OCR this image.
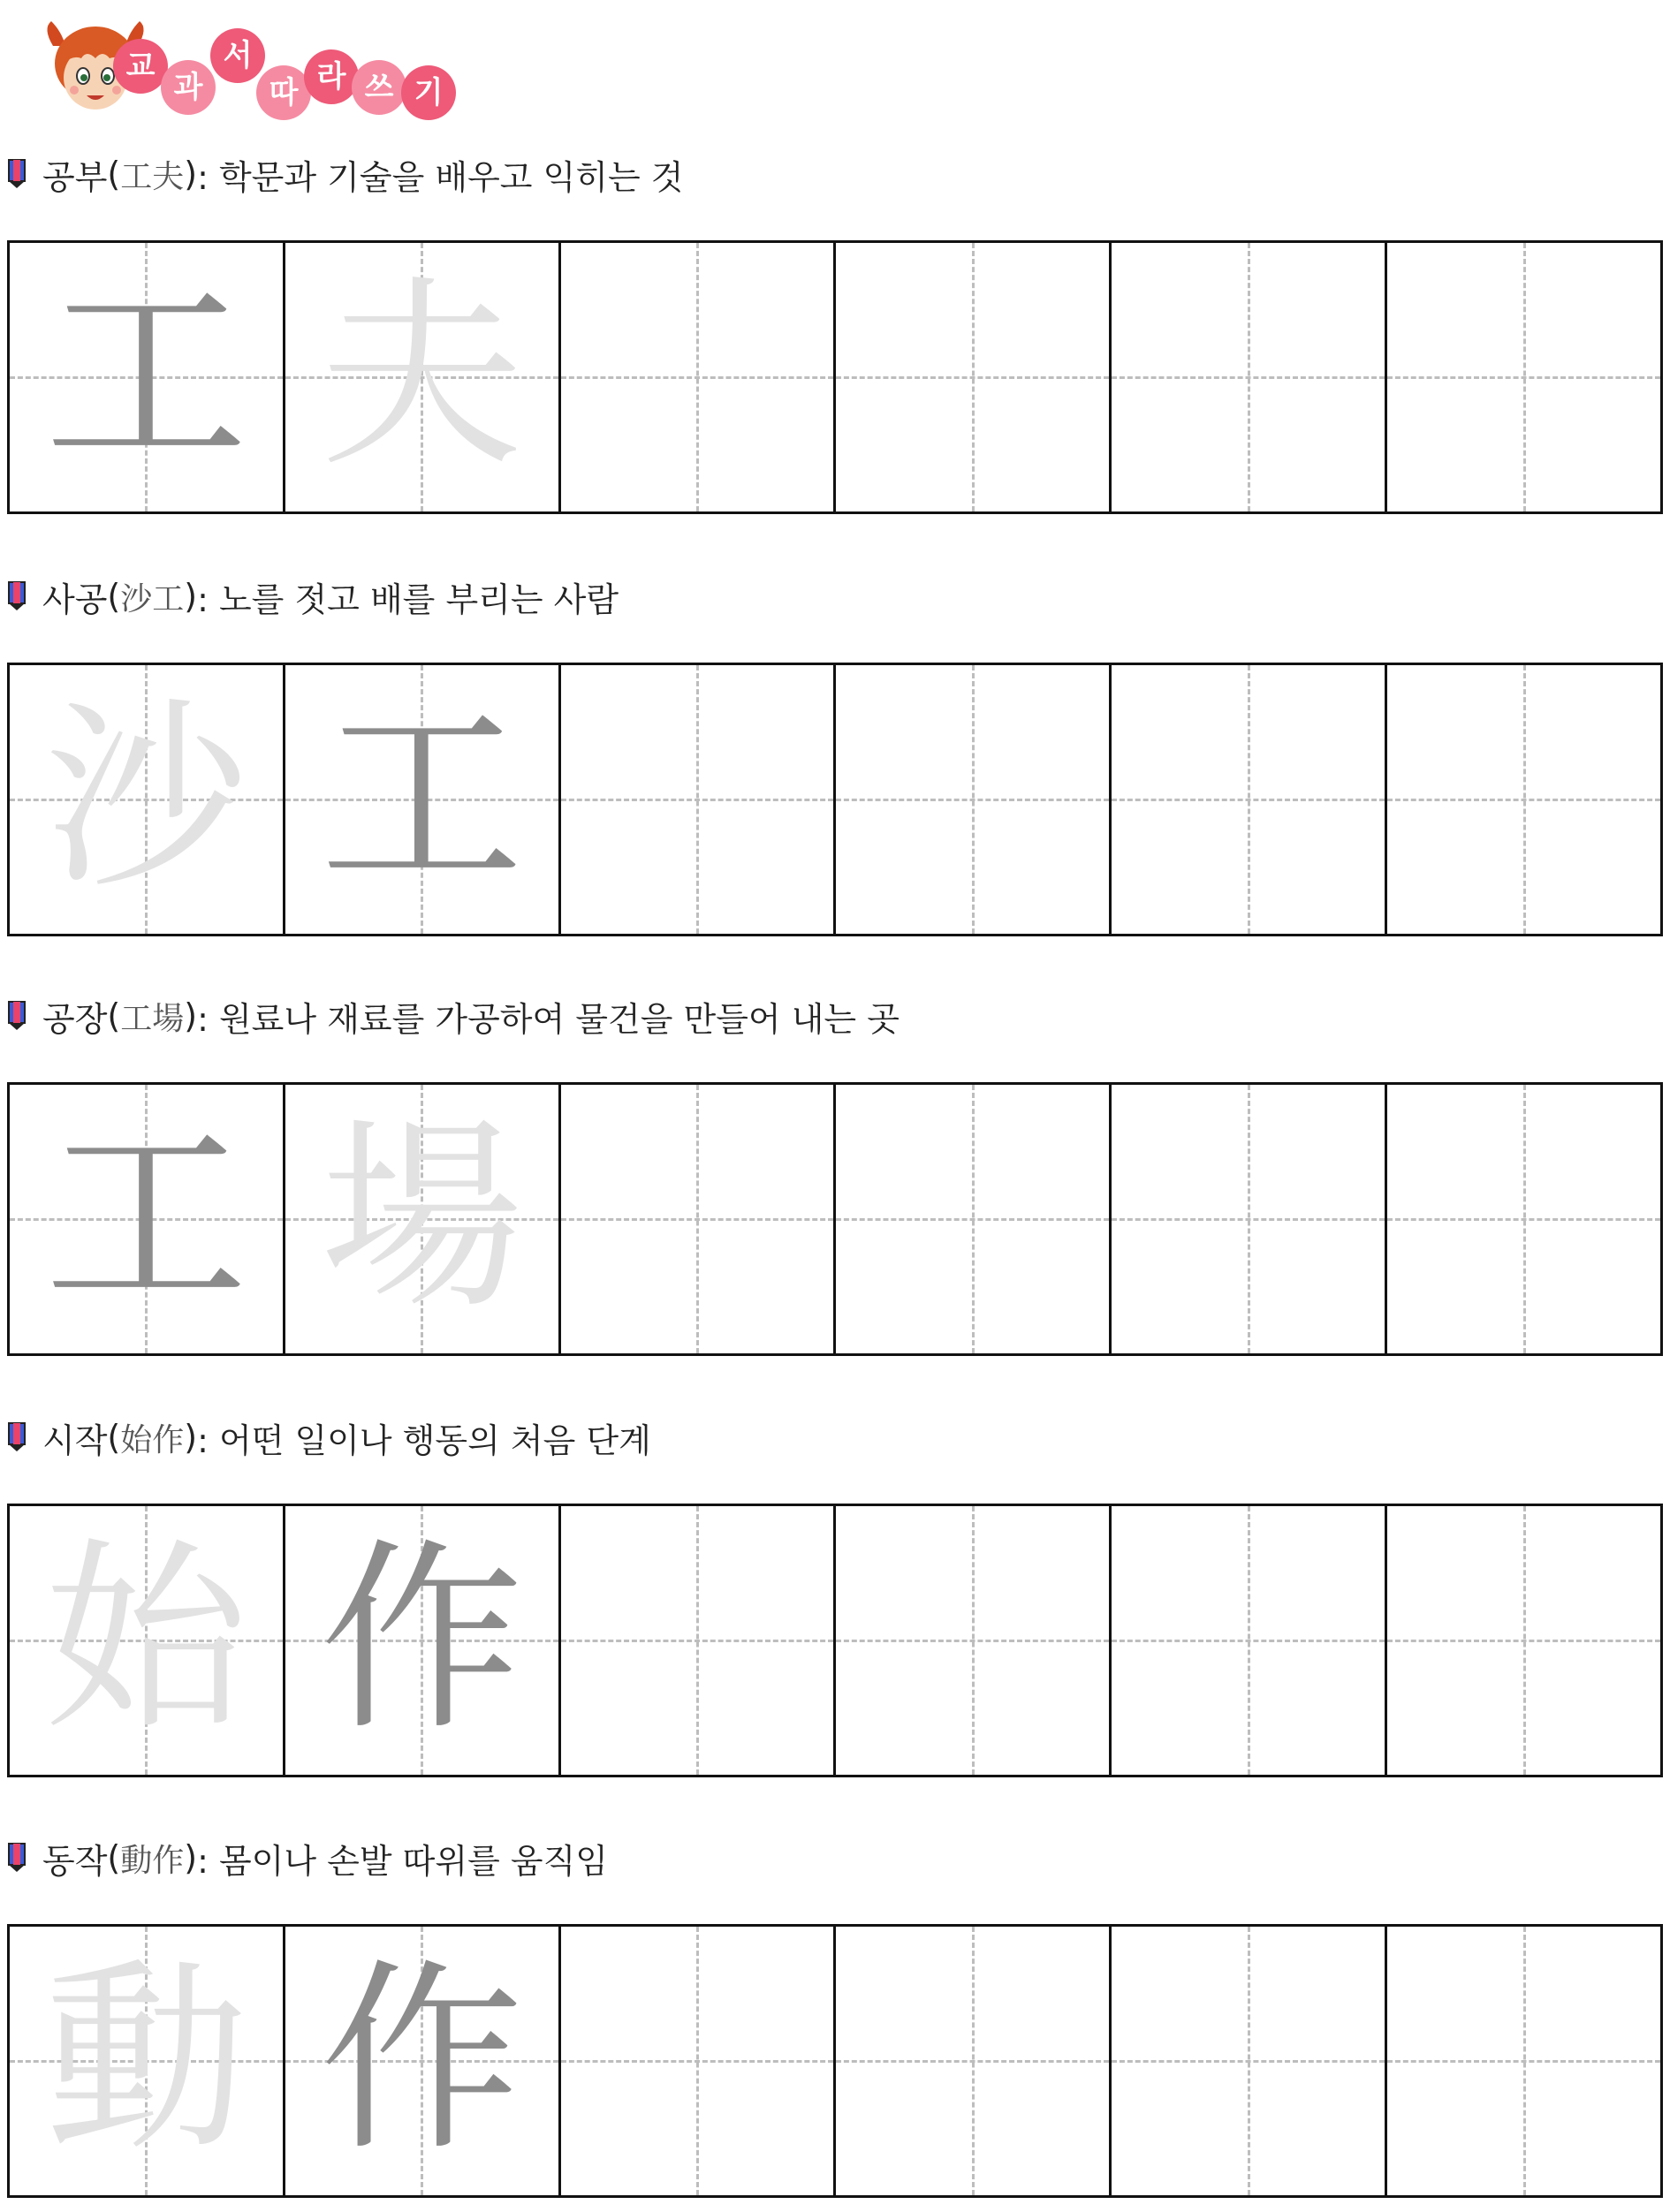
교
과
서
따 라 쓰 기
공부 ( 工夫 ) : 학문과 기술을 배우고 익히는 것
工 夫
사공 ( 沙工 ) : 노를 젓고 배를 부리는 사람
沙 工
공장 ( 工場 ) : 원료나 재료를 가공하여 물건을 만들어 내는 곳
工 場
시작 ( 始作 ) : 어떤 일이나 행동의 처음 단계
始 作
동작 ( 動作 ) : 몸이나 손발 따위를 움직임
動 作
